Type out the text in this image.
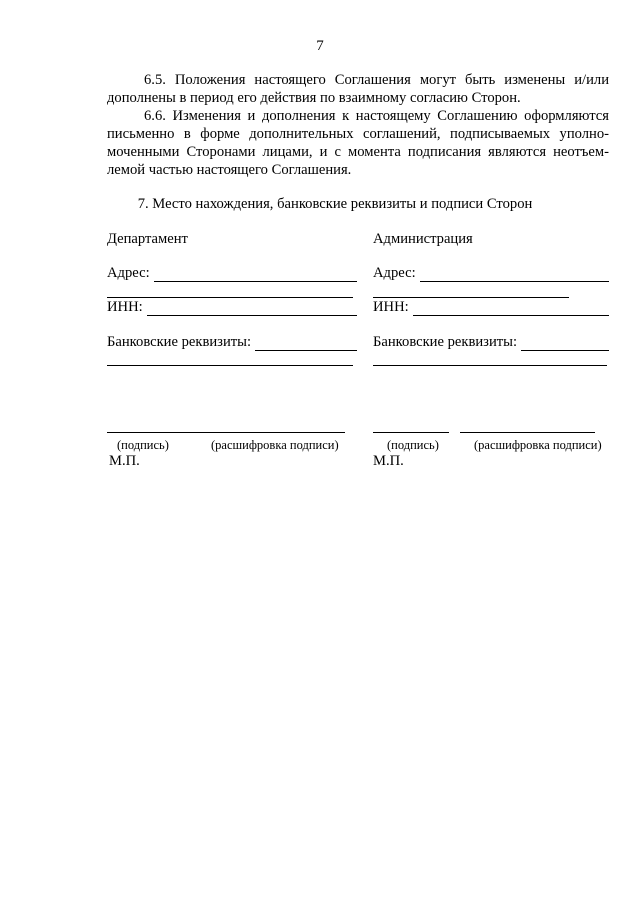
7
6.5. Положения настоящего Соглашения могут быть изменены и/или
дополнены в период его действия по взаимному согласию Сторон.
6.6. Изменения и дополнения к настоящему Соглашению оформляются
письменно в форме дополнительных соглашений, подписываемых уполно-
моченными Сторонами лицами, и с момента подписания являются неотъем-
лемой частью настоящего Соглашения.
7. Место нахождения, банковские реквизиты и подписи Сторон
Департамент
Адрес:
ИНН:
Банковские реквизиты:
(подпись)	(расшифровка подписи)
М.П.
Администрация
Адрес:
ИНН:
Банковские реквизиты:
(подпись)	(расшифровка подписи)
М.П.
